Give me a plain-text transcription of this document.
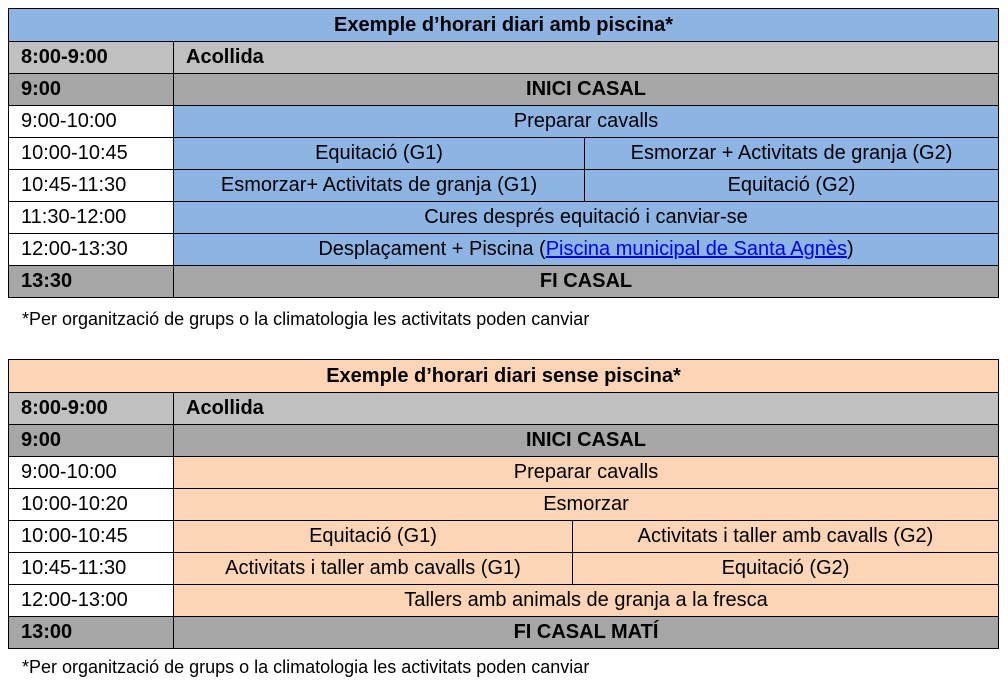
Exemple d’horari diari amb piscina*		
8:00-9:00	Acollida	
9:00	INICI CASAL	
9:00-10:00	Preparar cavalls	
10:00-10:45	Equitació (G1)	Esmorzar + Activitats de granja (G2)
10:45-11:30	Esmorzar+ Activitats de granja (G1)	Equitació (G2)
11:30-12:00	Cures després equitació i canviar-se	
12:00-13:30	Desplaçament + Piscina (Piscina municipal de Santa Agnès)	
13:30	FI CASAL	
*Per organització de grups o la climatologia les activitats poden canviar
Exemple d’horari diari sense piscina*		
8:00-9:00	Acollida	
9:00	INICI CASAL	
9:00-10:00	Preparar cavalls	
10:00-10:20	Esmorzar	
10:00-10:45	Equitació (G1)	Activitats i taller amb cavalls (G2)
10:45-11:30	Activitats i taller amb cavalls (G1)	Equitació (G2)
12:00-13:00	Tallers amb animals de granja a la fresca	
13:00	FI CASAL MATÍ	
*Per organització de grups o la climatologia les activitats poden canviar
